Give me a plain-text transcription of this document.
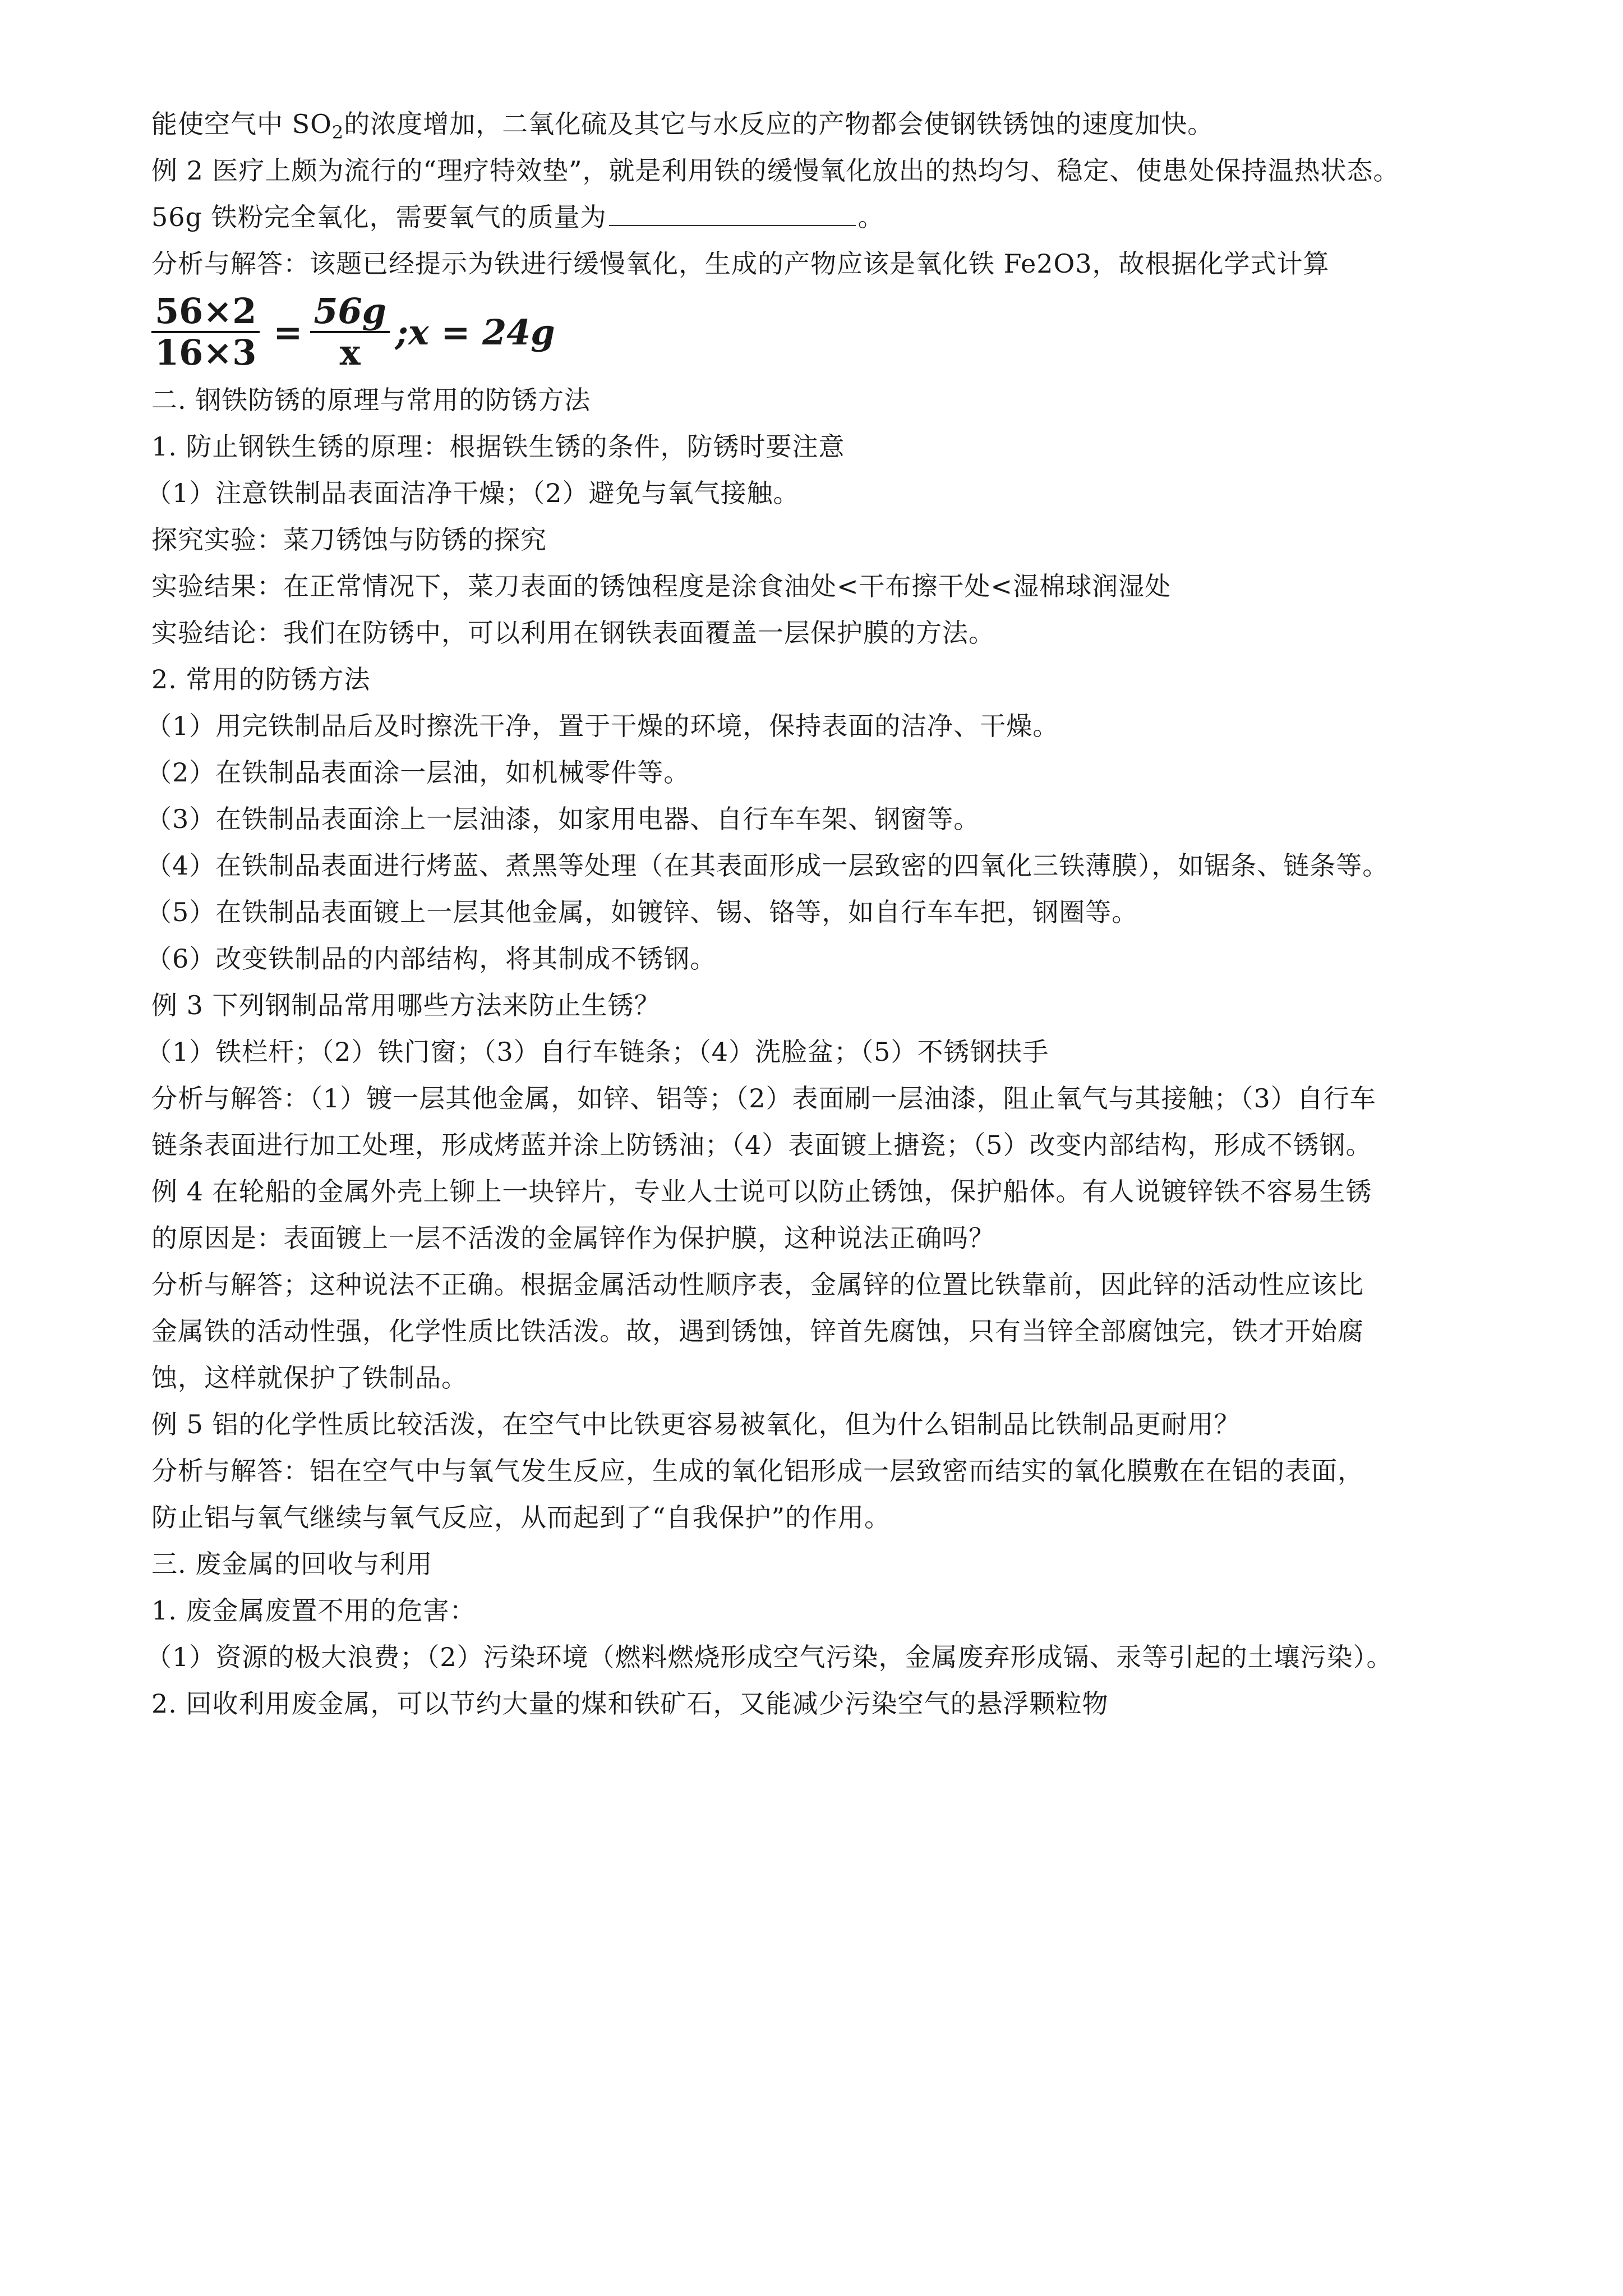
能使空气中 $SO_2$的浓度增加，二氧化硫及其它与水反应的产物都会使钢铁锈蚀的速度加快。
例 2 医疗上颇为流行的“理疗特效垫”，就是利用铁的缓慢氧化放出的热均匀、稳定、使患处保持温热状态。
56g 铁粉完全氧化，需要氧气的质量为	。
分析与解答：该题已经提示为铁进行缓慢氧化，生成的产物应该是氧化铁 Fe2O3，故根据化学式计算
$\frac{56\times 2}{16\times 3} = \frac{56g}{x}$ ;x = 24g
二. 钢铁防锈的原理与常用的防锈方法
1. 防止钢铁生锈的原理：根据铁生锈的条件，防锈时要注意
（1）注意铁制品表面洁净干燥；（2）避免与氧气接触。
探究实验：菜刀锈蚀与防锈的探究
实验结果：在正常情况下，菜刀表面的锈蚀程度是涂食油处<干布擦干处<湿棉球润湿处
实验结论：我们在防锈中，可以利用在钢铁表面覆盖一层保护膜的方法。
2. 常用的防锈方法
（1）用完铁制品后及时擦洗干净，置于干燥的环境，保持表面的洁净、干燥。
（2）在铁制品表面涂一层油，如机械零件等。
（3）在铁制品表面涂上一层油漆，如家用电器、自行车车架、钢窗等。
（4）在铁制品表面进行烤蓝、煮黑等处理（在其表面形成一层致密的四氧化三铁薄膜），如锯条、链条等。
（5）在铁制品表面镀上一层其他金属，如镀锌、锡、铬等，如自行车车把，钢圈等。
（6）改变铁制品的内部结构，将其制成不锈钢。
例 3 下列钢制品常用哪些方法来防止生锈？
（1）铁栏杆；（2）铁门窗；（3）自行车链条；（4）洗脸盆；（5）不锈钢扶手
分析与解答：（1）镀一层其他金属，如锌、铝等；（2）表面刷一层油漆，阻止氧气与其接触；（3）自行车
链条表面进行加工处理，形成烤蓝并涂上防锈油；（4）表面镀上搪瓷；（5）改变内部结构，形成不锈钢。
例 4 在轮船的金属外壳上铆上一块锌片，专业人士说可以防止锈蚀，保护船体。有人说镀锌铁不容易生锈
的原因是：表面镀上一层不活泼的金属锌作为保护膜，这种说法正确吗？
分析与解答；这种说法不正确。根据金属活动性顺序表，金属锌的位置比铁靠前，因此锌的活动性应该比
金属铁的活动性强，化学性质比铁活泼。故，遇到锈蚀，锌首先腐蚀，只有当锌全部腐蚀完，铁才开始腐
蚀，这样就保护了铁制品。
例 5 铝的化学性质比较活泼，在空气中比铁更容易被氧化，但为什么铝制品比铁制品更耐用？
分析与解答：铝在空气中与氧气发生反应，生成的氧化铝形成一层致密而结实的氧化膜敷在在铝的表面，
防止铝与氧气继续与氧气反应，从而起到了“自我保护”的作用。
三. 废金属的回收与利用
1. 废金属废置不用的危害：
（1）资源的极大浪费；（2）污染环境（燃料燃烧形成空气污染，金属废弃形成镉、汞等引起的土壤污染）。
2. 回收利用废金属，可以节约大量的煤和铁矿石，又能减少污染空气的悬浮颗粒物
